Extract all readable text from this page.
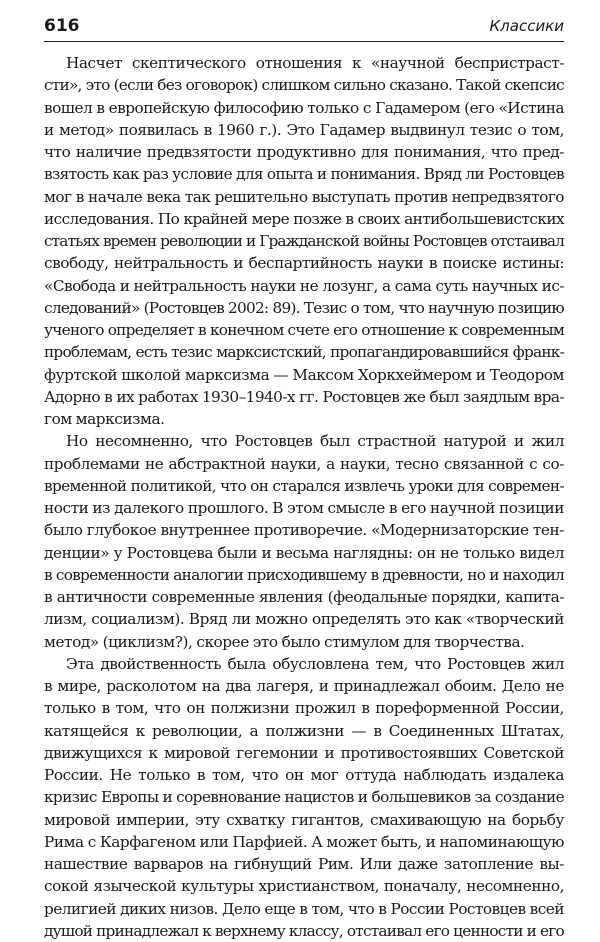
616	Классики
Насчет скептического отношения к «научной беспристраст-
сти», это (если без оговорок) слишком сильно сказано. Такой скепсис
вошел в европейскую философию только с Гадамером (его «Истина
и метод» появилась в 1960 г.). Это Гадамер выдвинул тезис о том,
что наличие предвзятости продуктивно для понимания, что пред-
взятость как раз условие для опыта и понимания. Вряд ли Ростовцев
мог в начале века так решительно выступать против непредвзятого
исследования. По крайней мере позже в своих антибольшевистских
статьях времен революции и Гражданской войны Ростовцев отстаивал
свободу, нейтральность и беспартийность науки в поиске истины:
«Свобода и нейтральность науки не лозунг, а сама суть научных ис-
следований» (Ростовцев 2002: 89). Тезис о том, что научную позицию
ученого определяет в конечном счете его отношение к современным
проблемам, есть тезис марксистский, пропагандировавшийся франк-
фуртской школой марксизма — Максом Хоркхеймером и Теодором
Адорно в их работах 1930–1940-х гг. Ростовцев же был заядлым вра-
гом марксизма.
Но несомненно, что Ростовцев был страстной натурой и жил
проблемами не абстрактной науки, а науки, тесно связанной с со-
временной политикой, что он старался извлечь уроки для современ-
ности из далекого прошлого. В этом смысле в его научной позиции
было глубокое внутреннее противоречие. «Модернизаторские тен-
денции» у Ростовцева были и весьма наглядны: он не только видел
в современности аналогии присходившему в древности, но и находил
в античности современные явления (феодальные порядки, капита-
лизм, социализм). Вряд ли можно определять это как «творческий
метод» (циклизм?), скорее это было стимулом для творчества.
Эта двойственность была обусловлена тем, что Ростовцев жил
в мире, расколотом на два лагеря, и принадлежал обоим. Дело не
только в том, что он полжизни прожил в пореформенной России,
катящейся к революции, а полжизни — в Соединенных Штатах,
движущихся к мировой гегемонии и противостоявших Советской
России. Не только в том, что он мог оттуда наблюдать издалека
кризис Европы и соревнование нацистов и большевиков за создание
мировой империи, эту схватку гигантов, смахивающую на борьбу
Рима с Карфагеном или Парфией. А может быть, и напоминающую
нашествие варваров на гибнущий Рим. Или даже затопление вы-
сокой языческой культуры христианством, поначалу, несомненно,
религией диких низов. Дело еще в том, что в России Ростовцев всей
душой принадлежал к верхнему классу, отстаивал его ценности и его
